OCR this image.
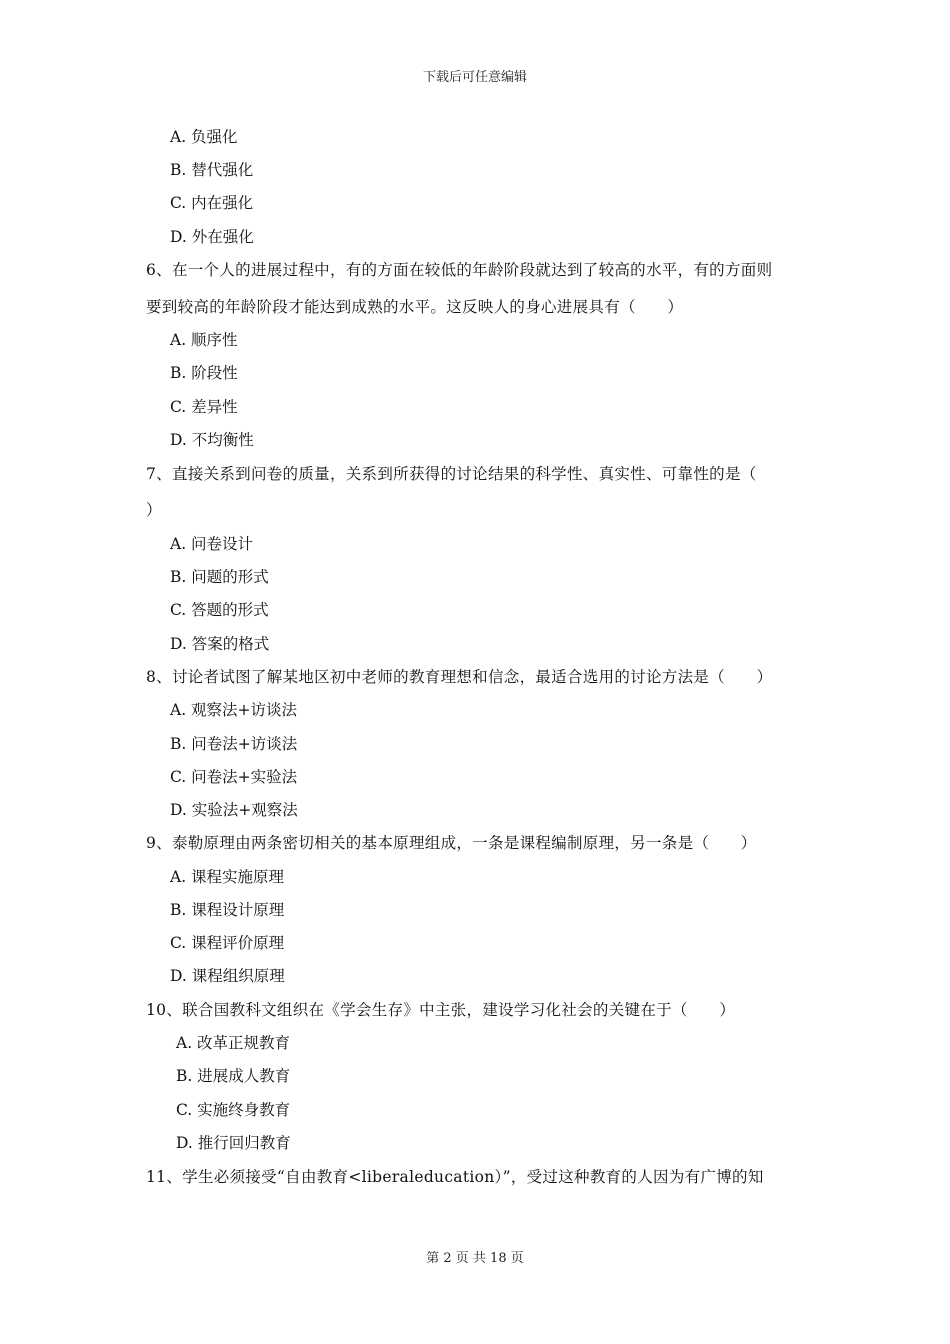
下载后可任意编辑
A. 负强化
B. 替代强化
C. 内在强化
D. 外在强化
6、在一个人的进展过程中，有的方面在较低的年龄阶段就达到了较高的水平，有的方面则
要到较高的年龄阶段才能达到成熟的水平。这反映人的身心进展具有（　　）
A. 顺序性
B. 阶段性
C. 差异性
D. 不均衡性
7、直接关系到问卷的质量，关系到所获得的讨论结果的科学性、真实性、可靠性的是（
）
A. 问卷设计
B. 问题的形式
C. 答题的形式
D. 答案的格式
8、讨论者试图了解某地区初中老师的教育理想和信念，最适合选用的讨论方法是（　　）
A. 观察法+访谈法
B. 问卷法+访谈法
C. 问卷法+实验法
D. 实验法+观察法
9、泰勒原理由两条密切相关的基本原理组成，一条是课程编制原理，另一条是（　　）
A. 课程实施原理
B. 课程设计原理
C. 课程评价原理
D. 课程组织原理
10、联合国教科文组织在《学会生存》中主张，建设学习化社会的关键在于（　　）
A. 改革正规教育
B. 进展成人教育
C. 实施终身教育
D. 推行回归教育
11、学生必须接受“自由教育<liberaleducation）”，受过这种教育的人因为有广博的知
第 2 页 共 18 页
